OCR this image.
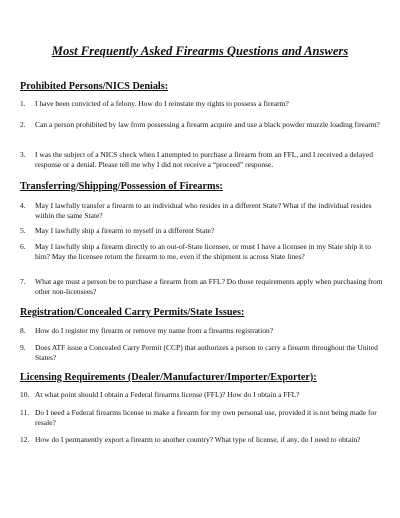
Most Frequently Asked Firearms Questions and Answers
Prohibited Persons/NICS Denials:
1.	I have been convicted of a felony. How do I reinstate my rights to possess a firearm?
2.	Can a person prohibited by law from possessing a firearm acquire and use a black powder muzzle loading firearm?
3.	I was the subject of a NICS check when I attempted to purchase a firearm from an FFL, and I received a delayed response or a denial. Please tell me why I did not receive a “proceed” response.
Transferring/Shipping/Possession of Firearms:
4.	May I lawfully transfer a firearm to an individual who resides in a different State? What if the individual resides within the same State?
5.	May I lawfully ship a firearm to myself in a different State?
6.	May I lawfully ship a firearm directly to an out-of-State licensee, or must I have a licensee in my State ship it to him? May the licensee return the firearm to me, even if the shipment is across State lines?
7.	What age must a person be to purchase a firearm from an FFL? Do those requirements apply when purchasing from other non-licensees?
Registration/Concealed Carry Permits/State Issues:
8.	How do I register my firearm or remove my name from a firearms registration?
9.	Does ATF issue a Concealed Carry Permit (CCP) that authorizes a person to carry a firearm throughout the United States?
Licensing Requirements (Dealer/Manufacturer/Importer/Exporter):
10. At what point should I obtain a Federal firearms license (FFL)? How do I obtain a FFL?
11. Do I need a Federal firearms license to make a firearm for my own personal use, provided it is not being made for resale?
12. How do I permanently export a firearm to another country? What type of license, if any, do I need to obtain?
